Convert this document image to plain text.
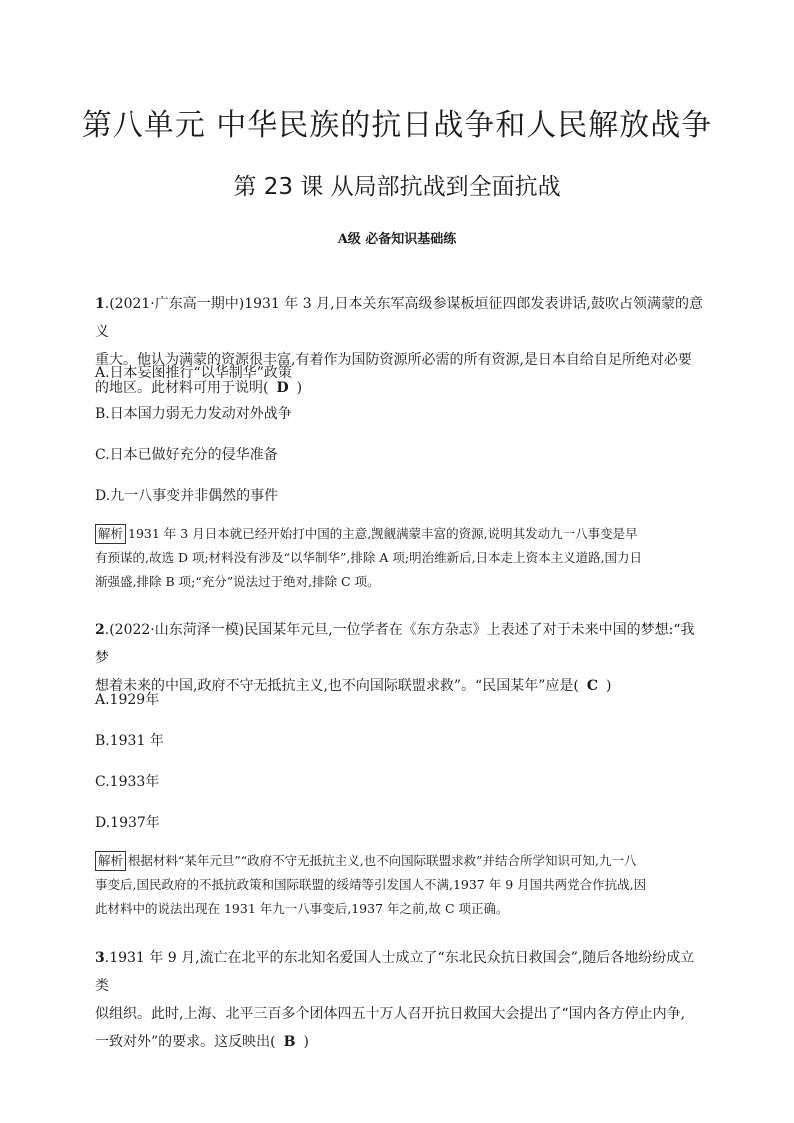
第八单元 中华民族的抗日战争和人民解放战争
第 23 课 从局部抗战到全面抗战
A级 必备知识基础练
1.(2021·广东高一期中)1931 年 3 月,日本关东军高级参谋板垣征四郎发表讲话,鼓吹占领满蒙的意义
重大。他认为满蒙的资源很丰富,有着作为国防资源所必需的所有资源,是日本自给自足所绝对必要
的地区。此材料可用于说明( D )
A.日本妄图推行“以华制华”政策
B.日本国力弱无力发动对外战争
C.日本已做好充分的侵华准备
D.九一八事变并非偶然的事件
解析 1931 年 3 月日本就已经开始打中国的主意,觊觎满蒙丰富的资源,说明其发动九一八事变是早
有预谋的,故选 D 项;材料没有涉及“以华制华”,排除 A 项;明治维新后,日本走上资本主义道路,国力日
渐强盛,排除 B 项;“充分”说法过于绝对,排除 C 项。
2.(2022·山东菏泽一模)民国某年元旦,一位学者在《东方杂志》上表述了对于未来中国的梦想:“我梦
想着未来的中国,政府不守无抵抗主义,也不向国际联盟求救”。“民国某年”应是( C )
A.1929年
B.1931 年
C.1933年
D.1937年
解析 根据材料“某年元旦”“政府不守无抵抗主义,也不向国际联盟求救”并结合所学知识可知,九一八
事变后,国民政府的不抵抗政策和国际联盟的绥靖等引发国人不满,1937 年 9 月国共两党合作抗战,因
此材料中的说法出现在 1931 年九一八事变后,1937 年之前,故 C 项正确。
3.1931 年 9 月,流亡在北平的东北知名爱国人士成立了“东北民众抗日救国会”,随后各地纷纷成立类
似组织。此时,上海、北平三百多个团体四五十万人召开抗日救国大会提出了“国内各方停止内争,
一致对外”的要求。这反映出( B )
